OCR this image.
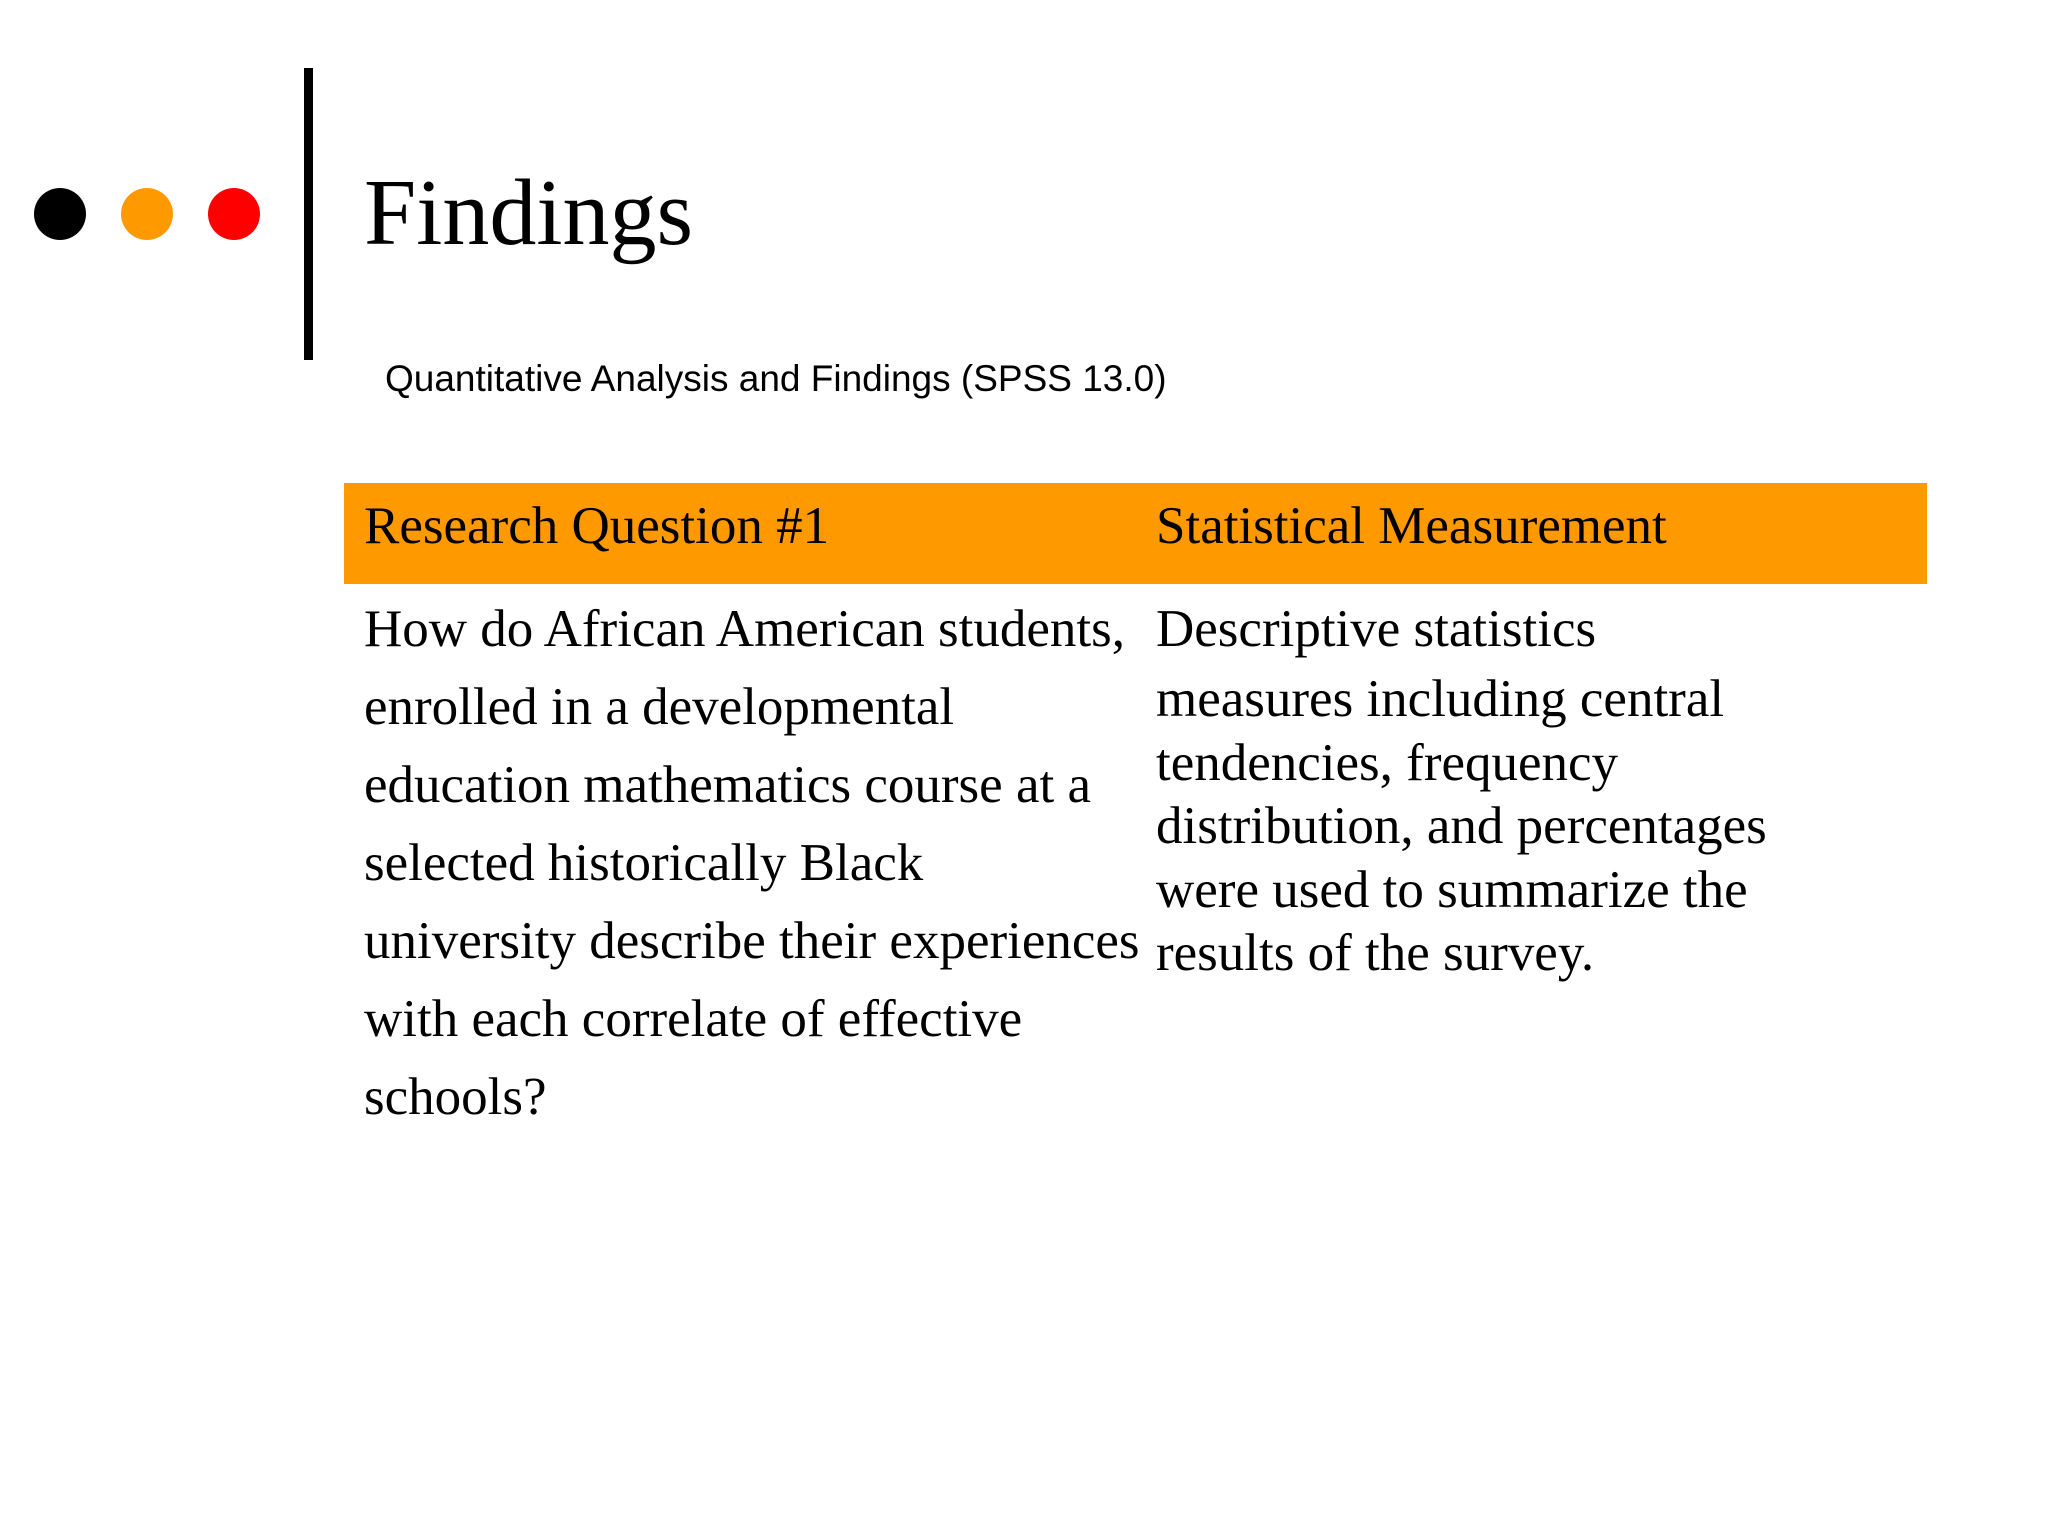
Findings

Quantitative Analysis and Findings (SPSS 13.0)

Research Question #1	Statistical Measurement
How do African American students, enrolled in a developmental education mathematics course at a selected historically Black university describe their experiences with each correlate of effective schools?
Descriptive statistics
measures including central tendencies, frequency distribution, and percentages were used to summarize the results of the survey.
